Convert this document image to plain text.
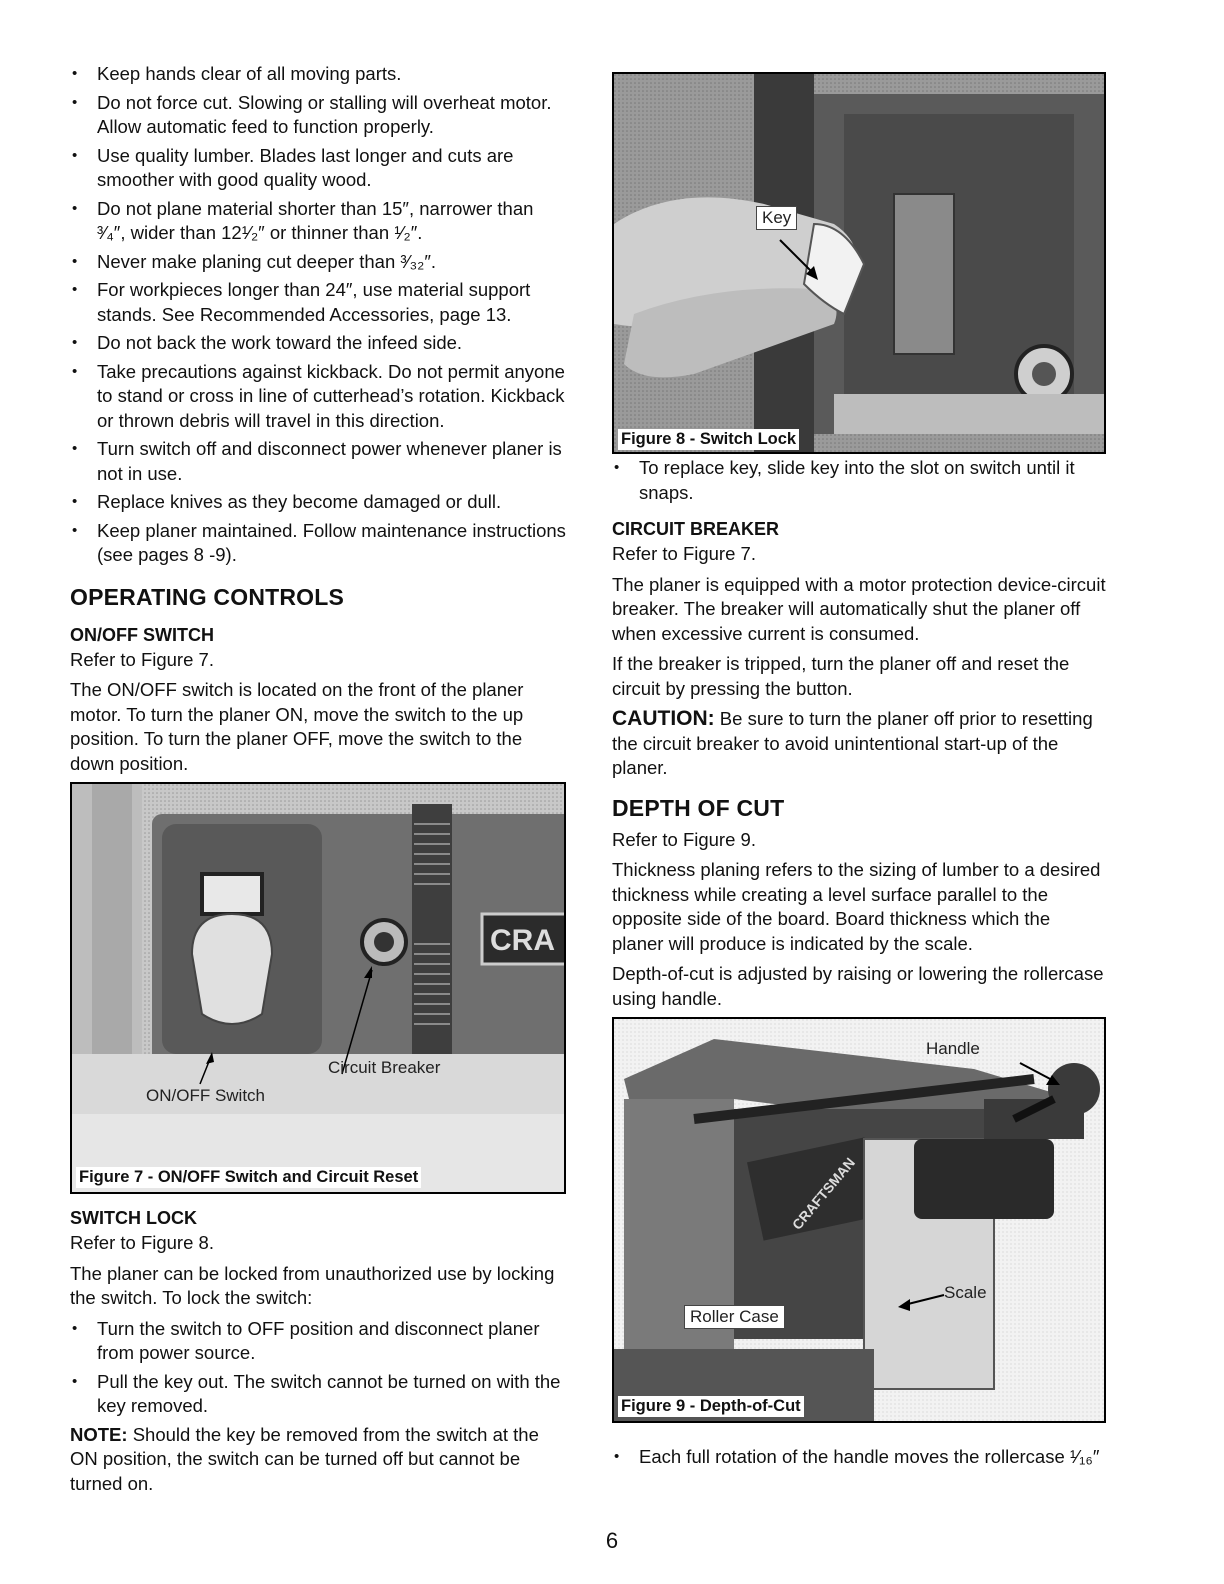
• Keep hands clear of all moving parts.
• Do not force cut. Slowing or stalling will overheat motor. Allow automatic feed to function properly.
• Use quality lumber. Blades last longer and cuts are smoother with good quality wood.
• Do not plane material shorter than 15″, narrower than ³⁄₄″, wider than 12¹⁄₂″ or thinner than ¹⁄₂″.
• Never make planing cut deeper than ³⁄₃₂″.
• For workpieces longer than 24″, use material support stands. See Recommended Accessories, page 13.
• Do not back the work toward the infeed side.
• Take precautions against kickback. Do not permit anyone to stand or cross in line of cutterhead’s rotation. Kickback or thrown debris will travel in this direction.
• Turn switch off and disconnect power whenever planer is not in use.
• Replace knives as they become damaged or dull.
• Keep planer maintained. Follow maintenance instructions (see pages 8 -9).
OPERATING CONTROLS
ON/OFF SWITCH

Refer to Figure 7.

The ON/OFF switch is located on the front of the planer motor. To turn the planer ON, move the switch to the up position. To turn the planer OFF, move the switch to the down position.

CRA
Circuit Breaker
ON/OFF Switch
Figure 7 - ON/OFF Switch and Circuit Reset
SWITCH LOCK

Refer to Figure 8.

The planer can be locked from unauthorized use by locking the switch. To lock the switch:

• Turn the switch to OFF position and disconnect planer from power source.
• Pull the key out. The switch cannot be turned on with the key removed.

NOTE: Should the key be removed from the switch at the ON position, the switch can be turned off but cannot be turned on.

Key
Figure 8 - Switch Lock
• To replace key, slide key into the slot on switch until it snaps.
CIRCUIT BREAKER

Refer to Figure 7.

The planer is equipped with a motor protection device-circuit breaker. The breaker will automatically shut the planer off when excessive current is consumed.

If the breaker is tripped, turn the planer off and reset the circuit by pressing the button.

CAUTION: Be sure to turn the planer off prior to resetting the circuit breaker to avoid unintentional start-up of the planer.

DEPTH OF CUT

Refer to Figure 9.

Thickness planing refers to the sizing of lumber to a desired thickness while creating a level surface parallel to the opposite side of the board. Board thickness which the planer will produce is indicated by the scale.

Depth-of-cut is adjusted by raising or lowering the rollercase using handle.

CRAFTSMAN
Handle
Scale
Roller Case
Figure 9 - Depth-of-Cut
• Each full rotation of the handle moves the rollercase ¹⁄₁₆″
6
